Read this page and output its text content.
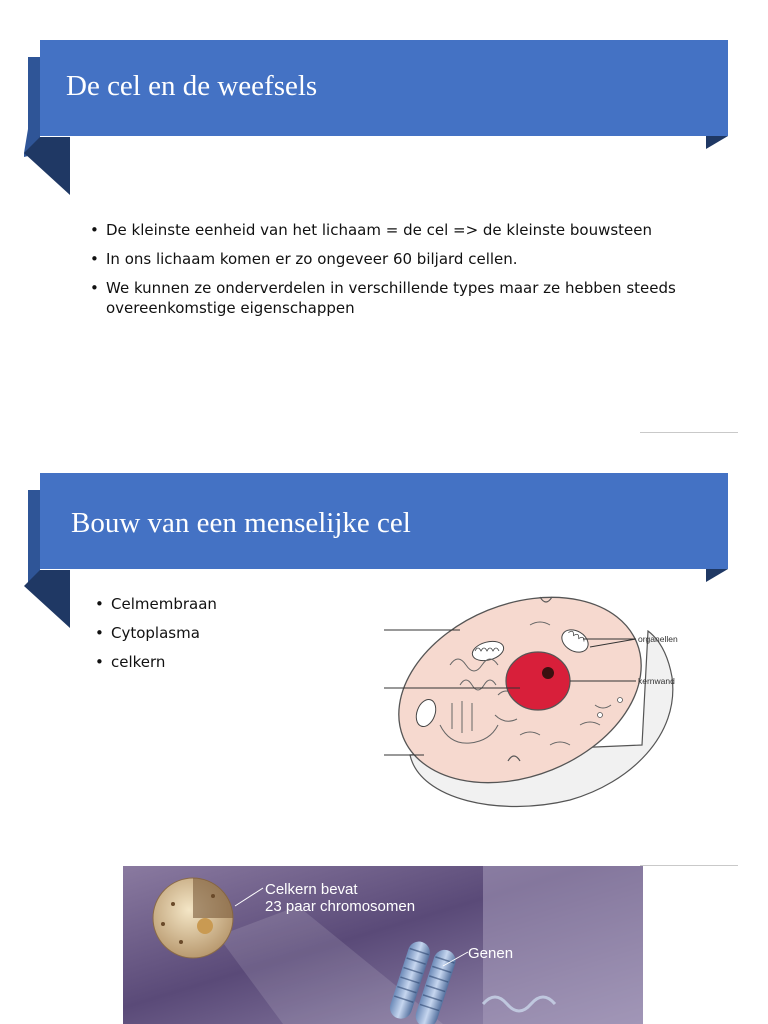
De cel en de weefsels
• De kleinste eenheid van het lichaam = de cel => de kleinste bouwsteen
• In ons lichaam komen er zo ongeveer 60 biljard cellen.
• We kunnen ze onderverdelen in verschillende types maar ze hebben steeds overeenkomstige eigenschappen
Bouw van een menselijke cel
• Celmembraan
• Cytoplasma
• celkern
organellen
kernwand
Celkern bevat
23 paar chromosomen
Genen
